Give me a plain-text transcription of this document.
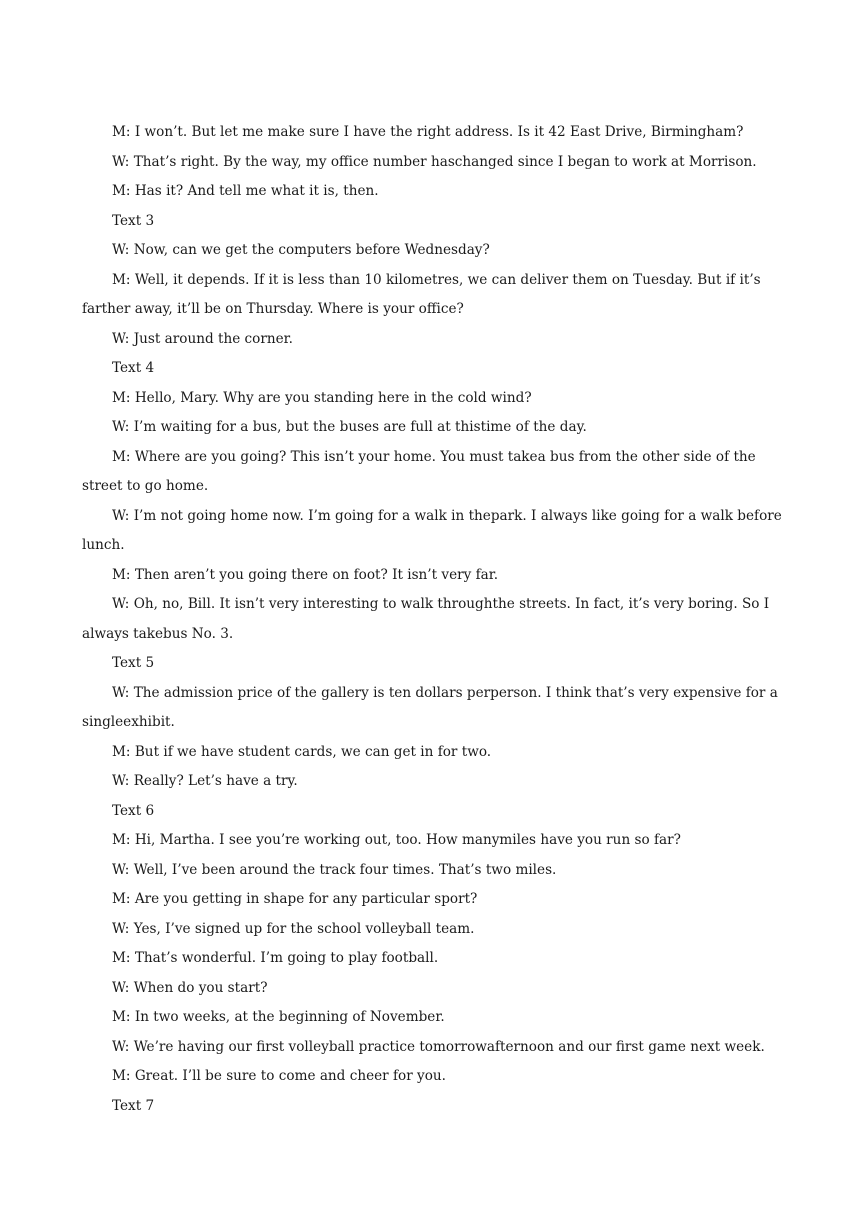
M: I won’t. But let me make sure I have the right address. Is it 42 East Drive, Birmingham?

W: That’s right. By the way, my office number haschanged since I began to work at Morrison.

M: Has it? And tell me what it is, then.

Text 3

W: Now, can we get the computers before Wednesday?

M: Well, it depends. If it is less than 10 kilometres, we can deliver them on Tuesday. But if it’s farther away, it’ll be on Thursday. Where is your office?

W: Just around the corner.

Text 4

M: Hello, Mary. Why are you standing here in the cold wind?

W: I’m waiting for a bus, but the buses are full at thistime of the day.

M: Where are you going? This isn’t your home. You must takea bus from the other side of the street to go home.

W: I’m not going home now. I’m going for a walk in thepark. I always like going for a walk before lunch.

M: Then aren’t you going there on foot? It isn’t very far.

W: Oh, no, Bill. It isn’t very interesting to walk throughthe streets. In fact, it’s very boring. So I always takebus No. 3.

Text 5

W: The admission price of the gallery is ten dollars perperson. I think that’s very expensive for a singleexhibit.

M: But if we have student cards, we can get in for two.

W: Really? Let’s have a try.

Text 6

M: Hi, Martha. I see you’re working out, too. How manymiles have you run so far?

W: Well, I’ve been around the track four times. That’s two miles.

M: Are you getting in shape for any particular sport?

W: Yes, I’ve signed up for the school volleyball team.

M: That’s wonderful. I’m going to play football.

W: When do you start?

M: In two weeks, at the beginning of November.

W: We’re having our first volleyball practice tomorrowafternoon and our first game next week.

M: Great. I’ll be sure to come and cheer for you.

Text 7
